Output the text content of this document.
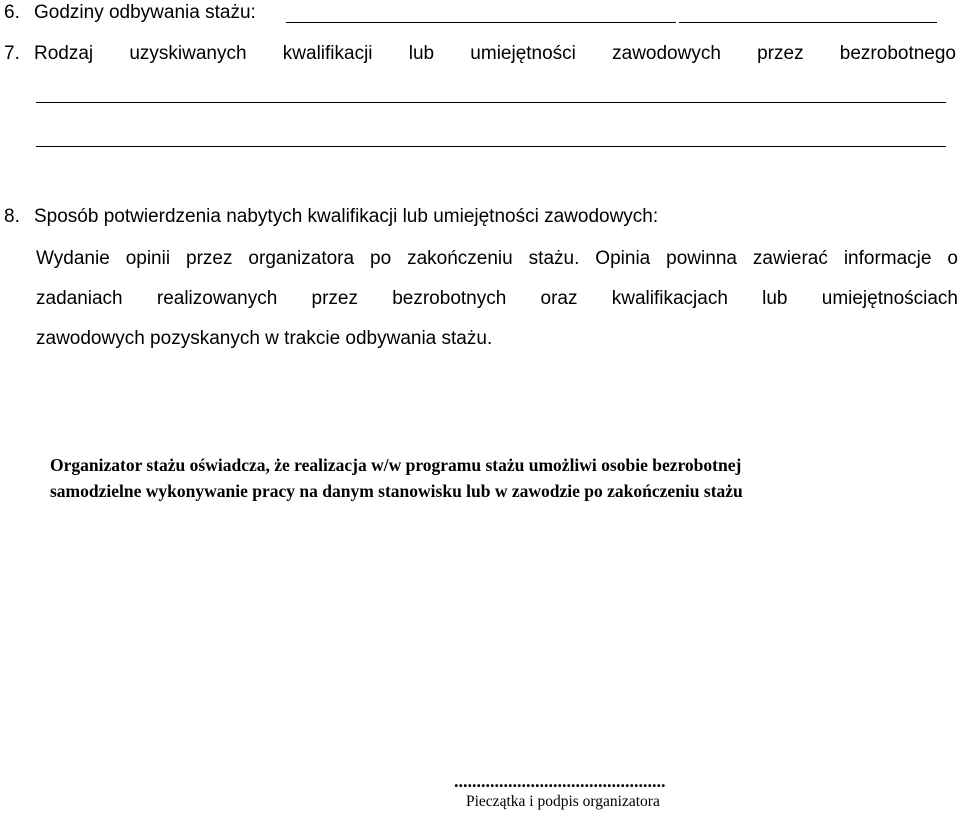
6. Godziny odbywania stażu:
7. Rodzaj uzyskiwanych kwalifikacji lub umiejętności zawodowych przez bezrobotnego
8. Sposób potwierdzenia nabytych kwalifikacji lub umiejętności zawodowych:
Wydanie opinii przez organizatora po zakończeniu stażu. Opinia powinna zawierać informacje o
zadaniach realizowanych przez bezrobotnych oraz kwalifikacjach lub umiejętnościach
zawodowych pozyskanych w trakcie odbywania stażu.
Organizator stażu oświadcza, że realizacja w/w programu stażu umożliwi osobie bezrobotnej
samodzielne wykonywanie pracy na danym stanowisku lub w zawodzie po zakończeniu stażu
...............................................
Pieczątka i podpis organizatora
